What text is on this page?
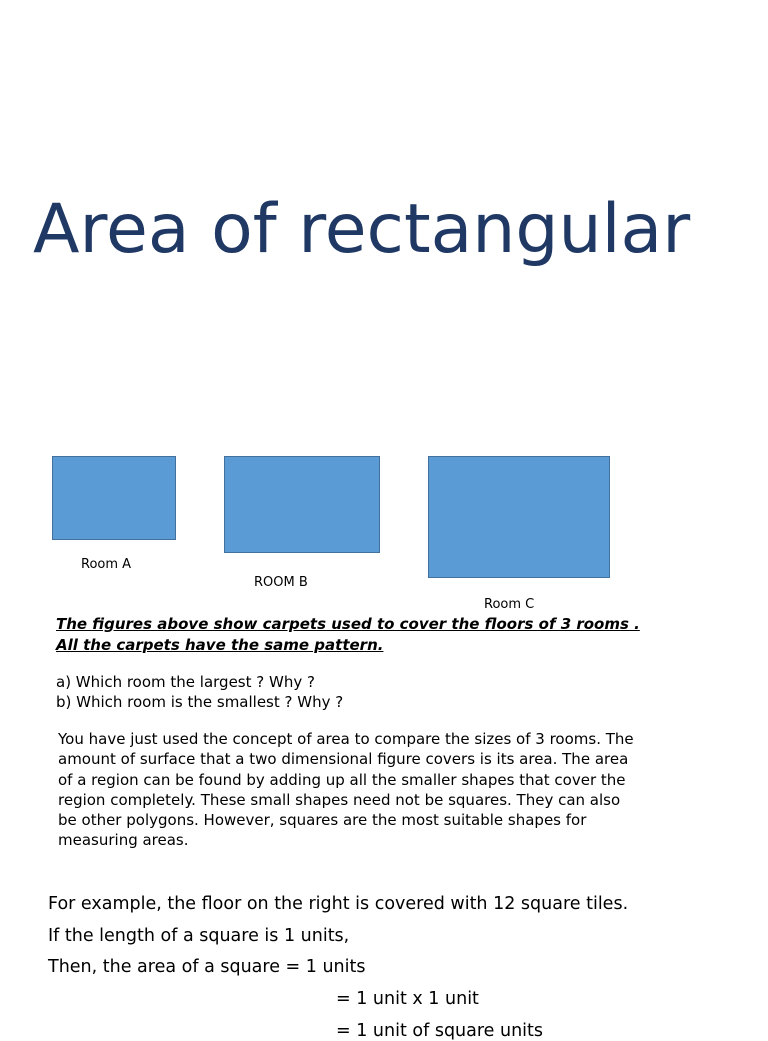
Area of rectangular
Room A
ROOM B
Room C

The figures above show carpets used to cover the floors of 3 rooms . All the carpets have the same pattern.

a) Which room the largest ? Why ?
b) Which room is the smallest ? Why ?

You have just used the concept of area to compare the sizes of 3 rooms. The amount of surface that a two dimensional figure covers is its area. The area of a region can be found by adding up all the smaller shapes that cover the region completely. These small shapes need not be squares. They can also be other polygons. However, squares are the most suitable shapes for measuring areas.

For example, the floor on the right is covered with 12 square tiles.
If the length of a square is 1 units,
Then, the area of a square = 1 units
= 1 unit x 1 unit
= 1 unit of square units
